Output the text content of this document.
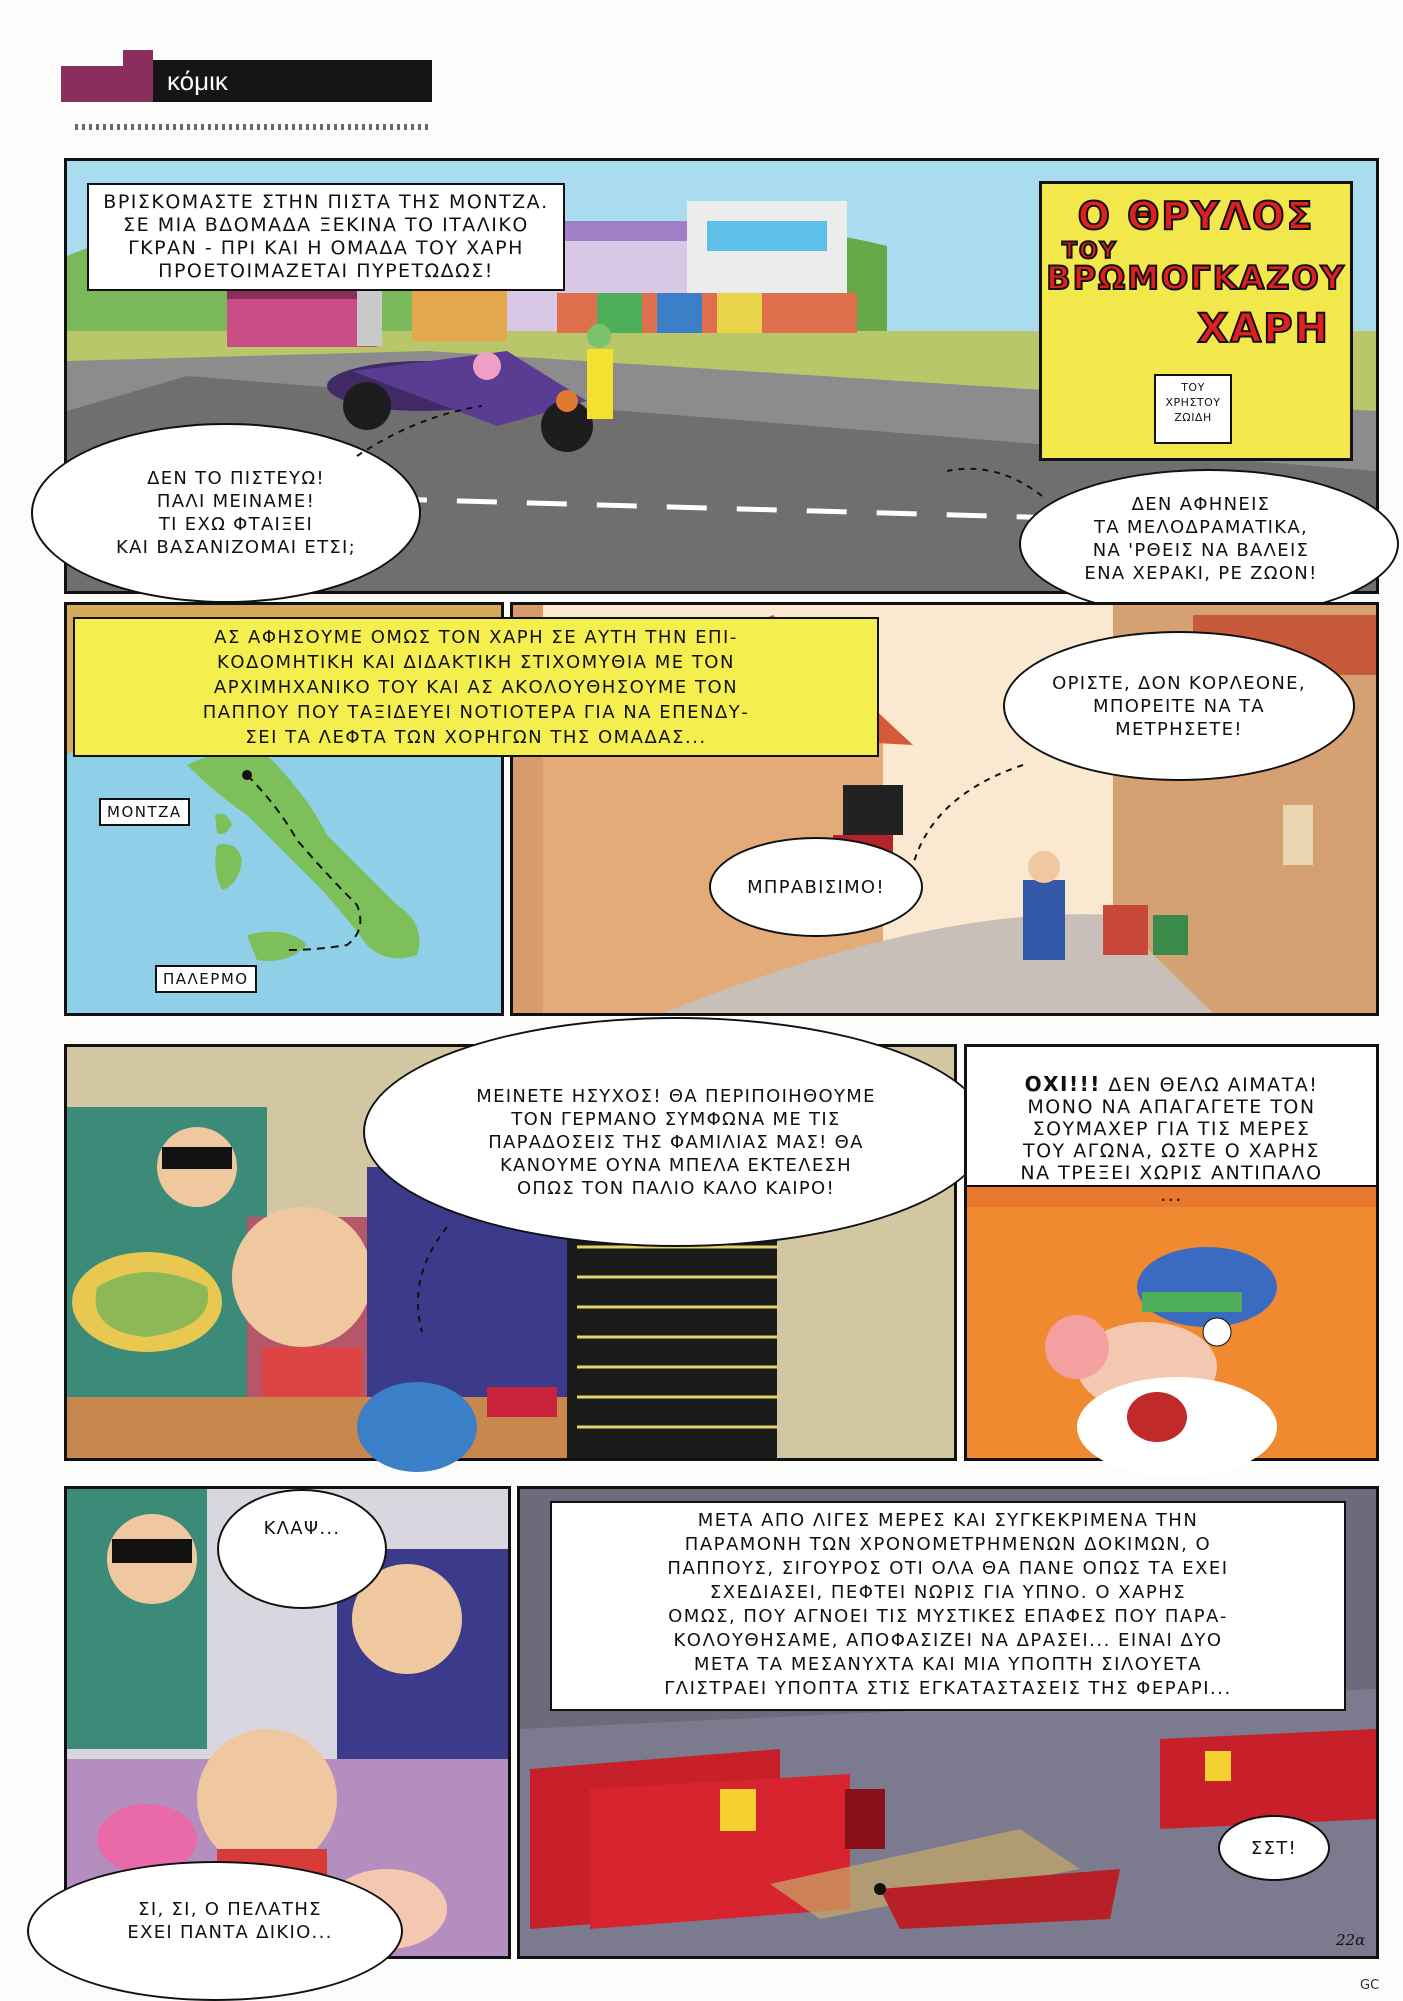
κόμικ
ΒΡΙΣΚΟΜΑΣΤΕ ΣΤΗΝ ΠΙΣΤΑ ΤΗΣ ΜΟΝΤΖΑ.
ΣΕ ΜΙΑ ΒΔΟΜΑΔΑ ΞΕΚΙΝΑ ΤΟ ΙΤΑΛΙΚΟ
ΓΚΡΑΝ - ΠΡΙ ΚΑΙ Η ΟΜΑΔΑ ΤΟΥ ΧΑΡΗ
ΠΡΟΕΤΟΙΜΑΖΕΤΑΙ ΠΥΡΕΤΩΔΩΣ!
Ο ΘΡΥΛΟΣ
ΤΟΥ
ΒΡΩΜΟΓΚΑΖΟΥ
ΧΑΡΗ
ΤΟΥ
ΧΡΗΣΤΟΥ
ΖΩΙΔΗ
ΔΕΝ ΤΟ ΠΙΣΤΕΥΩ!
ΠΑΛΙ ΜΕΙΝΑΜΕ!
ΤΙ ΕΧΩ ΦΤΑΙΞΕΙ
ΚΑΙ ΒΑΣΑΝΙΖΟΜΑΙ ΕΤΣΙ;
ΔΕΝ ΑΦΗΝΕΙΣ
ΤΑ ΜΕΛΟΔΡΑΜΑΤΙΚΑ,
ΝΑ 'ΡΘΕΙΣ ΝΑ ΒΑΛΕΙΣ
ΕΝΑ ΧΕΡΑΚΙ, ΡΕ ΖΩΟΝ!
ΑΣ ΑΦΗΣΟΥΜΕ ΟΜΩΣ ΤΟΝ ΧΑΡΗ ΣΕ ΑΥΤΗ ΤΗΝ ΕΠΙ-
ΚΟΔΟΜΗΤΙΚΗ ΚΑΙ ΔΙΔΑΚΤΙΚΗ ΣΤΙΧΟΜΥΘΙΑ ΜΕ ΤΟΝ
ΑΡΧΙΜΗΧΑΝΙΚΟ ΤΟΥ ΚΑΙ ΑΣ ΑΚΟΛΟΥΘΗΣΟΥΜΕ ΤΟΝ
ΠΑΠΠΟΥ ΠΟΥ ΤΑΞΙΔΕΥΕΙ ΝΟΤΙΟΤΕΡΑ ΓΙΑ ΝΑ ΕΠΕΝΔΥ-
ΣΕΙ ΤΑ ΛΕΦΤΑ ΤΩΝ ΧΟΡΗΓΩΝ ΤΗΣ ΟΜΑΔΑΣ...
ΜΟΝΤΖΑ
ΠΑΛΕΡΜΟ
ΟΡΙΣΤΕ, ΔΟΝ ΚΟΡΛΕΟΝΕ,
ΜΠΟΡΕΙΤΕ ΝΑ ΤΑ
ΜΕΤΡΗΣΕΤΕ!
ΜΠΡΑΒΙΣΙΜΟ!
ΜΕΙΝΕΤΕ ΗΣΥΧΟΣ! ΘΑ ΠΕΡΙΠΟΙΗΘΟΥΜΕ
ΤΟΝ ΓΕΡΜΑΝΟ ΣΥΜΦΩΝΑ ΜΕ ΤΙΣ
ΠΑΡΑΔΟΣΕΙΣ ΤΗΣ ΦΑΜΙΛΙΑΣ ΜΑΣ! ΘΑ
ΚΑΝΟΥΜΕ ΟΥΝΑ ΜΠΕΛΑ ΕΚΤΕΛΕΣΗ
ΟΠΩΣ ΤΟΝ ΠΑΛΙΟ ΚΑΛΟ ΚΑΙΡΟ!

ΟΧΙ!!! ΔΕΝ ΘΕΛΩ ΑΙΜΑΤΑ!
ΜΟΝΟ ΝΑ ΑΠΑΓΑΓΕΤΕ ΤΟΝ
ΣΟΥΜΑΧΕΡ ΓΙΑ ΤΙΣ ΜΕΡΕΣ
ΤΟΥ ΑΓΩΝΑ, ΩΣΤΕ Ο ΧΑΡΗΣ
ΝΑ ΤΡΕΞΕΙ ΧΩΡΙΣ ΑΝΤΙΠΑΛΟ
...

ΚΛΑΨ...
ΣΙ, ΣΙ, Ο ΠΕΛΑΤΗΣ
ΕΧΕΙ ΠΑΝΤΑ ΔΙΚΙΟ...
ΜΕΤΑ ΑΠΟ ΛΙΓΕΣ ΜΕΡΕΣ ΚΑΙ ΣΥΓΚΕΚΡΙΜΕΝΑ ΤΗΝ
ΠΑΡΑΜΟΝΗ ΤΩΝ ΧΡΟΝΟΜΕΤΡΗΜΕΝΩΝ ΔΟΚΙΜΩΝ, Ο
ΠΑΠΠΟΥΣ, ΣΙΓΟΥΡΟΣ ΟΤΙ ΟΛΑ ΘΑ ΠΑΝΕ ΟΠΩΣ ΤΑ ΕΧΕΙ
ΣΧΕΔΙΑΣΕΙ, ΠΕΦΤΕΙ ΝΩΡΙΣ ΓΙΑ ΥΠΝΟ. Ο ΧΑΡΗΣ
ΟΜΩΣ, ΠΟΥ ΑΓΝΟΕΙ ΤΙΣ ΜΥΣΤΙΚΕΣ ΕΠΑΦΕΣ ΠΟΥ ΠΑΡΑ-
ΚΟΛΟΥΘΗΣΑΜΕ, ΑΠΟΦΑΣΙΖΕΙ ΝΑ ΔΡΑΣΕΙ... ΕΙΝΑΙ ΔΥΟ
ΜΕΤΑ ΤΑ ΜΕΣΑΝΥΧΤΑ ΚΑΙ ΜΙΑ ΥΠΟΠΤΗ ΣΙΛΟΥΕΤΑ
ΓΛΙΣΤΡΑΕΙ ΥΠΟΠΤΑ ΣΤΙΣ ΕΓΚΑΤΑΣΤΑΣΕΙΣ ΤΗΣ ΦΕΡΑΡΙ...
ΣΣΤ!
22α
GC
